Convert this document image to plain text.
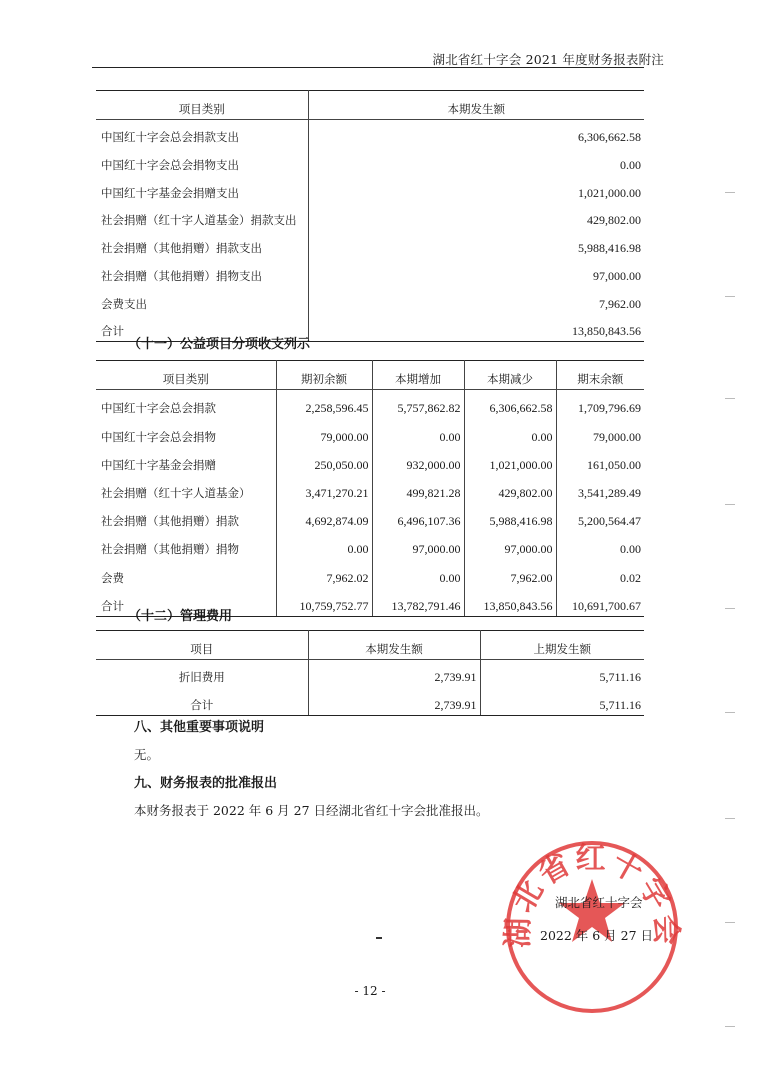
湖北省红十字会 2021 年度财务报表附注
项目类别	本期发生额
中国红十字会总会捐款支出	6,306,662.58
中国红十字会总会捐物支出	0.00
中国红十字基金会捐赠支出	1,021,000.00
社会捐赠（红十字人道基金）捐款支出	429,802.00
社会捐赠（其他捐赠）捐款支出	5,988,416.98
社会捐赠（其他捐赠）捐物支出	97,000.00
会费支出	7,962.00
合计	13,850,843.56
（十一）公益项目分项收支列示
项目类别	期初余额	本期增加	本期减少	期末余额
中国红十字会总会捐款	2,258,596.45	5,757,862.82	6,306,662.58	1,709,796.69
中国红十字会总会捐物	79,000.00	0.00	0.00	79,000.00
中国红十字基金会捐赠	250,050.00	932,000.00	1,021,000.00	161,050.00
社会捐赠（红十字人道基金）	3,471,270.21	499,821.28	429,802.00	3,541,289.49
社会捐赠（其他捐赠）捐款	4,692,874.09	6,496,107.36	5,988,416.98	5,200,564.47
社会捐赠（其他捐赠）捐物	0.00	97,000.00	97,000.00	0.00
会费	7,962.02	0.00	7,962.00	0.02
合计	10,759,752.77	13,782,791.46	13,850,843.56	10,691,700.67
（十二）管理费用
项目	本期发生额	上期发生额
折旧费用	2,739.91	5,711.16
合计	2,739.91	5,711.16
八、其他重要事项说明
无。
九、财务报表的批准报出
本财务报表于 2022 年 6 月 27 日经湖北省红十字会批准报出。
湖北省红十字会
湖北省红十字会
2022 年 6 月 27 日
- 12 -
